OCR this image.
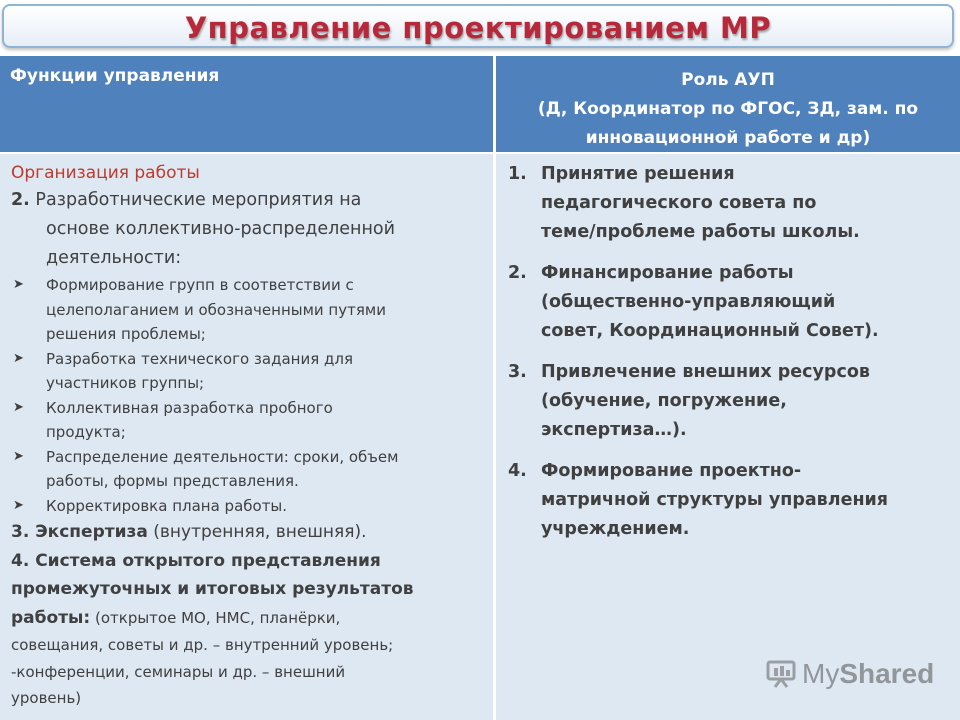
Управление проектированием МР
Функции управления	Роль АУП
(Д, Координатор по ФГОС, ЗД, зам. по
инновационной работе и др)
Организация работы
2. Разработнические мероприятия на
основе коллективно-распределенной
деятельности:
➤ Формирование групп в соответствии с
целеполаганием и обозначенными путями
решения проблемы;
➤ Разработка технического задания для
участников группы;
➤ Коллективная разработка пробного
продукта;
➤ Распределение деятельности: сроки, объем
работы, формы представления.
➤ Корректировка плана работы.
3. Экспертиза (внутренняя, внешняя).
4. Система открытого представления
промежуточных и итоговых результатов
работы: (открытое МО, НМС, планёрки,
совещания, советы и др. – внутренний уровень;
-конференции, семинары и др. – внешний
уровень)
1. Принятие решения
педагогического совета по
теме/проблеме работы школы.
2. Финансирование работы
(общественно-управляющий
совет, Координационный Совет).
3. Привлечение внешних ресурсов
(обучение, погружение,
экспертиза…).
4. Формирование проектно-
матричной структуры управления
учреждением.
MyShared
